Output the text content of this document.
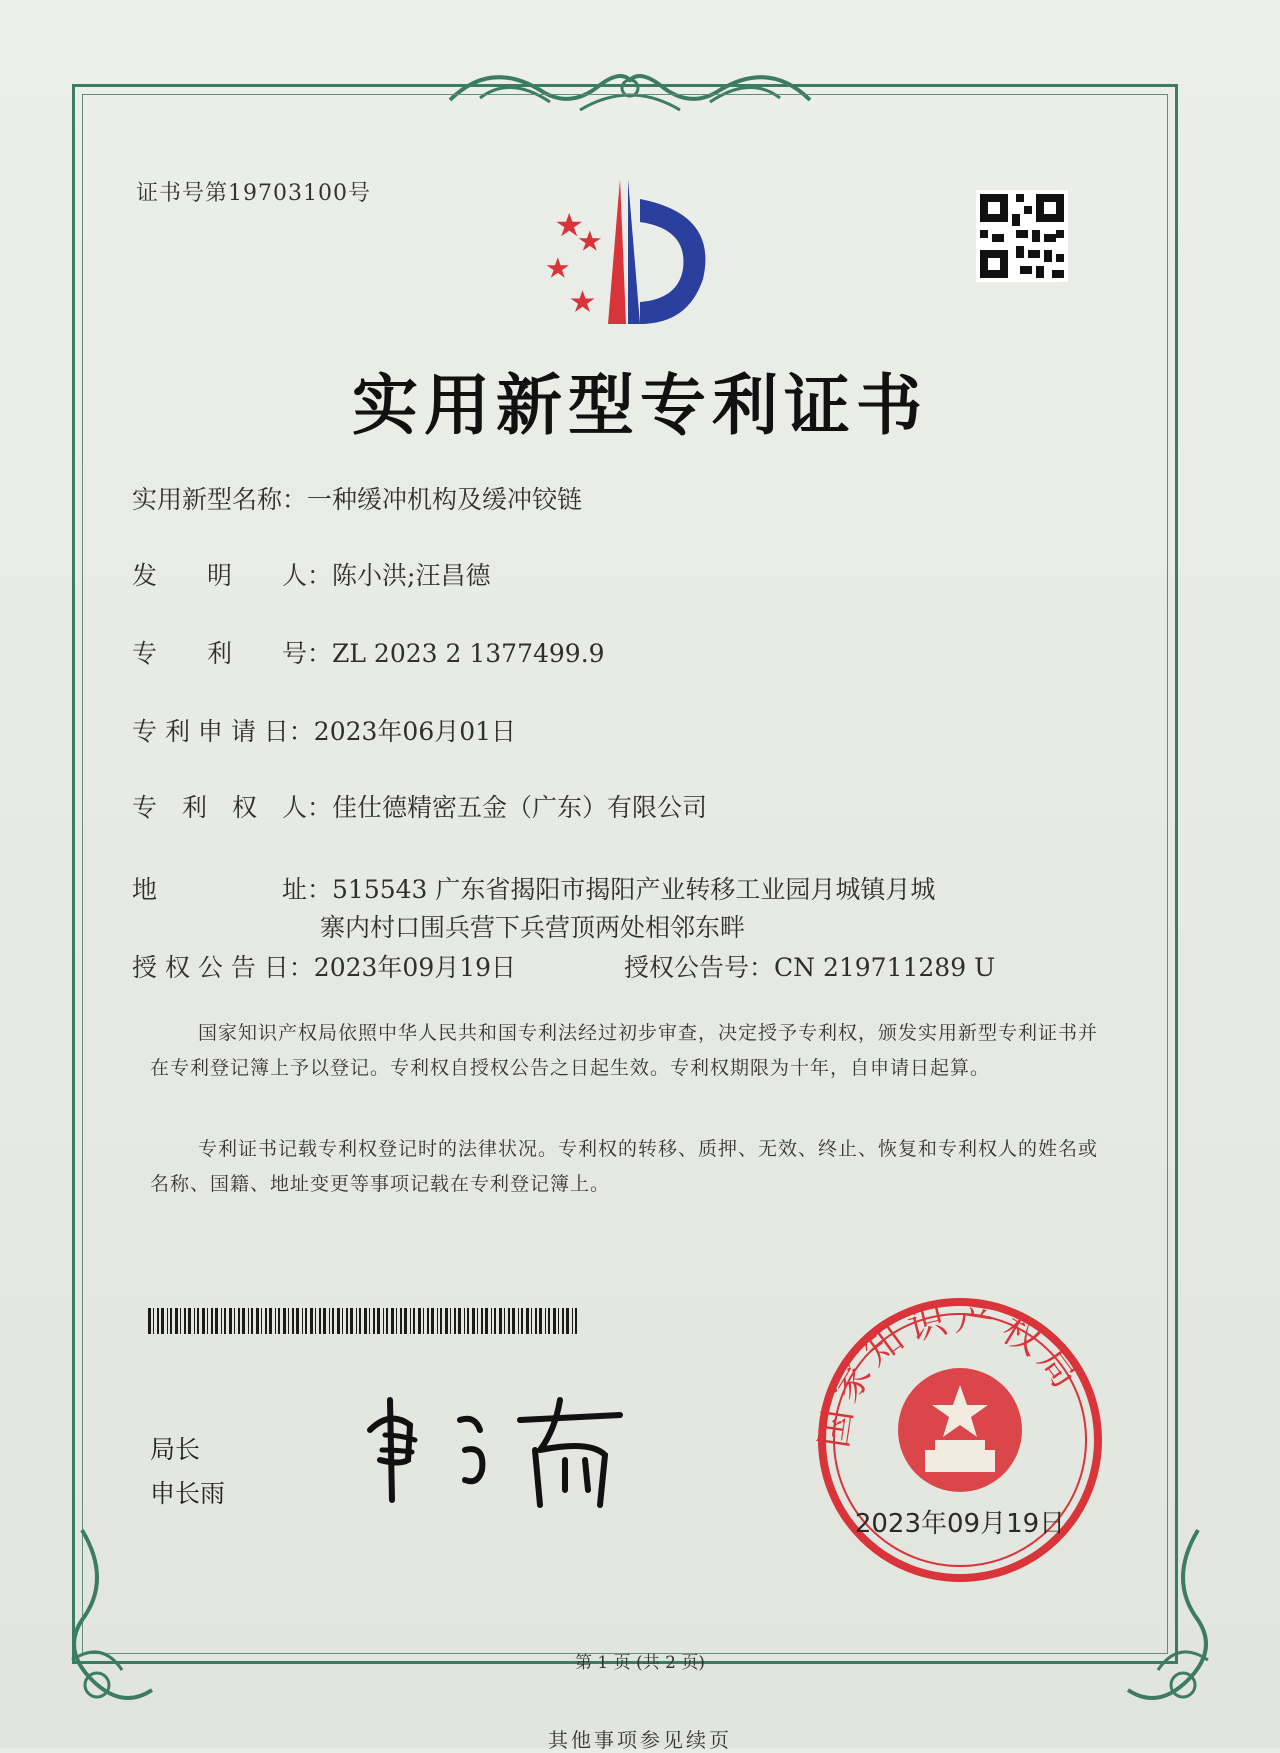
证书号第19703100号
实用新型专利证书
实用新型名称：一种缓冲机构及缓冲铰链
发　　明　　人：陈小洪;汪昌德
专　　利　　号：ZL 2023 2 1377499.9
专 利 申 请 日：2023年06月01日
专　利　权　人：佳仕德精密五金（广东）有限公司
地　　　　　址：515543 广东省揭阳市揭阳产业转移工业园月城镇月城
寨内村口围兵营下兵营顶两处相邻东畔
授 权 公 告 日：2023年09月19日	授权公告号：CN 219711289 U
国家知识产权局依照中华人民共和国专利法经过初步审查，决定授予专利权，颁发实用新型专利证书并在专利登记簿上予以登记。专利权自授权公告之日起生效。专利权期限为十年，自申请日起算。
专利证书记载专利权登记时的法律状况。专利权的转移、质押、无效、终止、恢复和专利权人的姓名或名称、国籍、地址变更等事项记载在专利登记簿上。
局长
申长雨
国家知识产权局
2023年09月19日
第 1 页 (共 2 页)
其他事项参见续页
